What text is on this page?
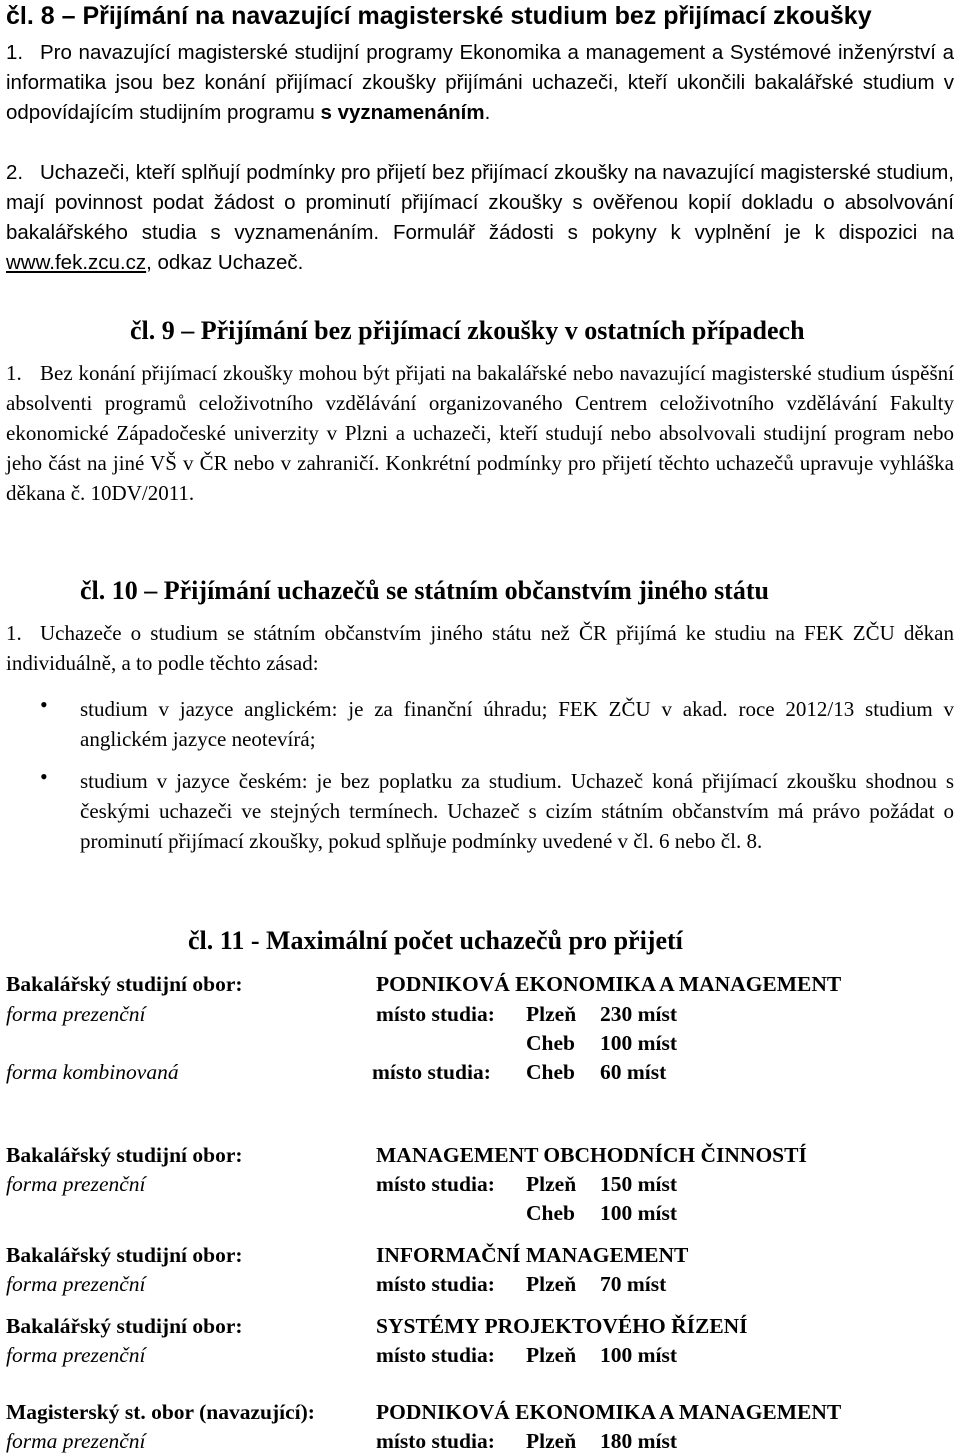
čl. 8 – Přijímání na navazující magisterské studium bez přijímací zkoušky
1. Pro navazující magisterské studijní programy Ekonomika a management a Systémové inženýrství a informatika jsou bez konání přijímací zkoušky přijímáni uchazeči, kteří ukončili bakalářské studium v odpovídajícím studijním programu s vyznamenáním.
2. Uchazeči, kteří splňují podmínky pro přijetí bez přijímací zkoušky na navazující magisterské studium, mají povinnost podat žádost o prominutí přijímací zkoušky s ověřenou kopií dokladu o absolvování bakalářského studia s vyznamenáním. Formulář žádosti s pokyny k vyplnění je k dispozici na www.fek.zcu.cz, odkaz Uchazeč.
čl. 9 – Přijímání bez přijímací zkoušky v ostatních případech
1. Bez konání přijímací zkoušky mohou být přijati na bakalářské nebo navazující magisterské studium úspěšní absolventi programů celoživotního vzdělávání organizovaného Centrem celoživotního vzdělávání Fakulty ekonomické Západočeské univerzity v Plzni a uchazeči, kteří studují nebo absolvovali studijní program nebo jeho část na jiné VŠ v ČR nebo v zahraničí. Konkrétní podmínky pro přijetí těchto uchazečů upravuje vyhláška děkana č. 10DV/2011.
čl. 10 – Přijímání uchazečů se státním občanstvím jiného státu
1. Uchazeče o studium se státním občanstvím jiného státu než ČR přijímá ke studiu na FEK ZČU děkan individuálně, a to podle těchto zásad:
• studium v jazyce anglickém: je za finanční úhradu; FEK ZČU v akad. roce 2012/13 studium v anglickém jazyce neotevírá;
• studium v jazyce českém: je bez poplatku za studium. Uchazeč koná přijímací zkoušku shodnou s českými uchazeči ve stejných termínech. Uchazeč s cizím státním občanstvím má právo požádat o prominutí přijímací zkoušky, pokud splňuje podmínky uvedené v čl. 6 nebo čl. 8.
čl. 11 - Maximální počet uchazečů pro přijetí
Bakalářský studijní obor:	PODNIKOVÁ EKONOMIKA A MANAGEMENT
forma prezenční	místo studia: Plzeň 230 míst
Cheb 100 míst
forma kombinovaná	místo studia: Cheb 60 míst
Bakalářský studijní obor:	MANAGEMENT OBCHODNÍCH ČINNOSTÍ
forma prezenční	místo studia: Plzeň 150 míst
Cheb 100 míst
Bakalářský studijní obor:	INFORMAČNÍ MANAGEMENT
forma prezenční	místo studia: Plzeň 70 míst
Bakalářský studijní obor:	SYSTÉMY PROJEKTOVÉHO ŘÍZENÍ
forma prezenční	místo studia: Plzeň 100 míst
Magisterský st. obor (navazující):	PODNIKOVÁ EKONOMIKA A MANAGEMENT
forma prezenční	místo studia: Plzeň 180 míst
